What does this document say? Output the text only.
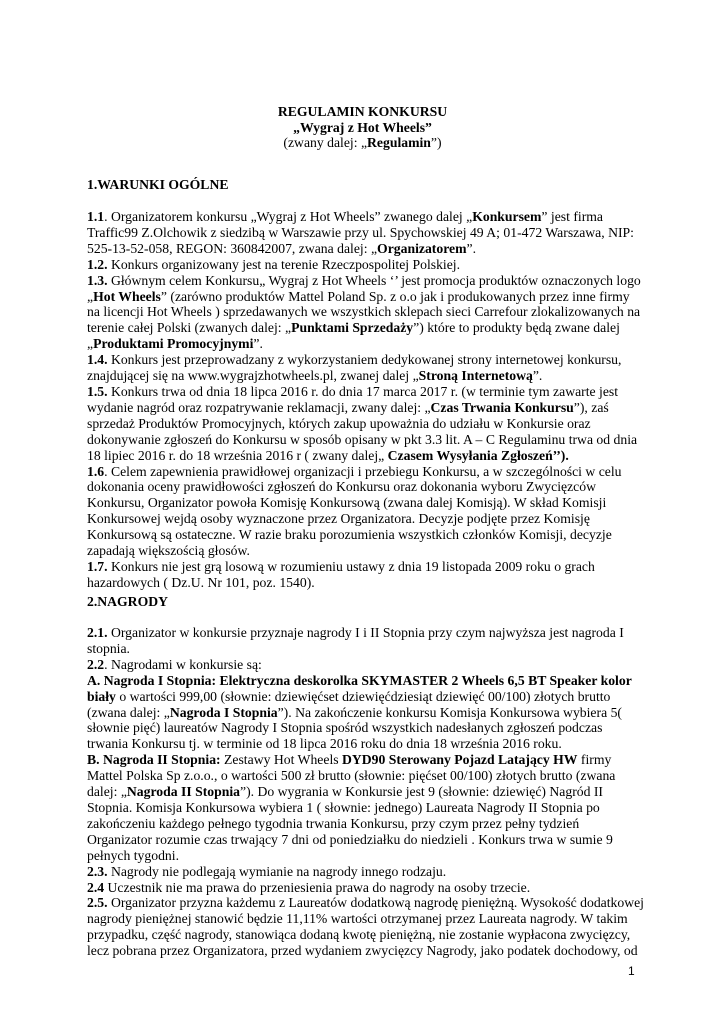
REGULAMIN KONKURSU
„Wygraj z Hot Wheels”
(zwany dalej: „Regulamin”)
1.WARUNKI OGÓLNE

1.1. Organizatorem konkursu „Wygraj z Hot Wheels” zwanego dalej „Konkursem” jest firma Traffic99 Z.Olchowik z siedzibą w Warszawie przy ul. Spychowskiej 49 A; 01-472 Warszawa, NIP: 525-13-52-058, REGON: 360842007, zwana dalej: „Organizatorem”.

1.2. Konkurs organizowany jest na terenie Rzeczpospolitej Polskiej.

1.3. Głównym celem Konkursu„ Wygraj z Hot Wheels ‘’ jest promocja produktów oznaczonych logo „Hot Wheels” (zarówno produktów Mattel Poland Sp. z o.o jak i produkowanych przez inne firmy na licencji Hot Wheels ) sprzedawanych we wszystkich sklepach sieci Carrefour zlokalizowanych na terenie całej Polski (zwanych dalej: „Punktami Sprzedaży”) które to produkty będą zwane dalej „Produktami Promocyjnymi”.

1.4. Konkurs jest przeprowadzany z wykorzystaniem dedykowanej strony internetowej konkursu, znajdującej się na www.wygrajzhotwheels.pl, zwanej dalej „Stroną Internetową”.

1.5. Konkurs trwa od dnia 18 lipca 2016 r. do dnia 17 marca 2017 r. (w terminie tym zawarte jest wydanie nagród oraz rozpatrywanie reklamacji, zwany dalej: „Czas Trwania Konkursu”), zaś sprzedaż Produktów Promocyjnych, których zakup upoważnia do udziału w Konkursie oraz dokonywanie zgłoszeń do Konkursu w sposób opisany w pkt 3.3 lit. A – C Regulaminu trwa od dnia 18 lipiec 2016 r. do 18 września 2016 r ( zwany dalej„ Czasem Wysyłania Zgłoszeń’’).

1.6. Celem zapewnienia prawidłowej organizacji i przebiegu Konkursu, a w szczególności w celu dokonania oceny prawidłowości zgłoszeń do Konkursu oraz dokonania wyboru Zwycięzców Konkursu, Organizator powoła Komisję Konkursową (zwana dalej Komisją). W skład Komisji Konkursowej wejdą osoby wyznaczone przez Organizatora. Decyzje podjęte przez Komisję Konkursową są ostateczne. W razie braku porozumienia wszystkich członków Komisji, decyzje zapadają większością głosów.

1.7. Konkurs nie jest grą losową w rozumieniu ustawy z dnia 19 listopada 2009 roku o grach hazardowych ( Dz.U. Nr 101, poz. 1540).

2.NAGRODY

2.1. Organizator w konkursie przyznaje nagrody I i II Stopnia przy czym najwyższa jest nagroda I stopnia.

2.2. Nagrodami w konkursie są:

A. Nagroda I Stopnia: Elektryczna deskorolka SKYMASTER 2 Wheels 6,5 BT Speaker kolor biały o wartości 999,00 (słownie: dziewięćset dziewięćdziesiąt dziewięć 00/100) złotych brutto (zwana dalej: „Nagroda I Stopnia”). Na zakończenie konkursu Komisja Konkursowa wybiera 5( słownie pięć) laureatów Nagrody I Stopnia spośród wszystkich nadesłanych zgłoszeń podczas trwania Konkursu tj. w terminie od 18 lipca 2016 roku do dnia 18 września 2016 roku.

B. Nagroda II Stopnia: Zestawy Hot Wheels DYD90 Sterowany Pojazd Latający HW firmy Mattel Polska Sp z.o.o., o wartości 500 zł brutto (słownie: pięćset 00/100) złotych brutto (zwana dalej: „Nagroda II Stopnia”). Do wygrania w Konkursie jest 9 (słownie: dziewięć) Nagród II Stopnia. Komisja Konkursowa wybiera 1 ( słownie: jednego) Laureata Nagrody II Stopnia po zakończeniu każdego pełnego tygodnia trwania Konkursu, przy czym przez pełny tydzień Organizator rozumie czas trwający 7 dni od poniedziałku do niedzieli . Konkurs trwa w sumie 9 pełnych tygodni.

2.3. Nagrody nie podlegają wymianie na nagrody innego rodzaju.

2.4 Uczestnik nie ma prawa do przeniesienia prawa do nagrody na osoby trzecie.

2.5. Organizator przyzna każdemu z Laureatów dodatkową nagrodę pieniężną. Wysokość dodatkowej nagrody pieniężnej stanowić będzie 11,11% wartości otrzymanej przez Laureata nagrody. W takim przypadku, część nagrody, stanowiąca dodaną kwotę pieniężną, nie zostanie wypłacona zwycięzcy, lecz pobrana przez Organizatora, przed wydaniem zwycięzcy Nagrody, jako podatek dochodowy, od

1
